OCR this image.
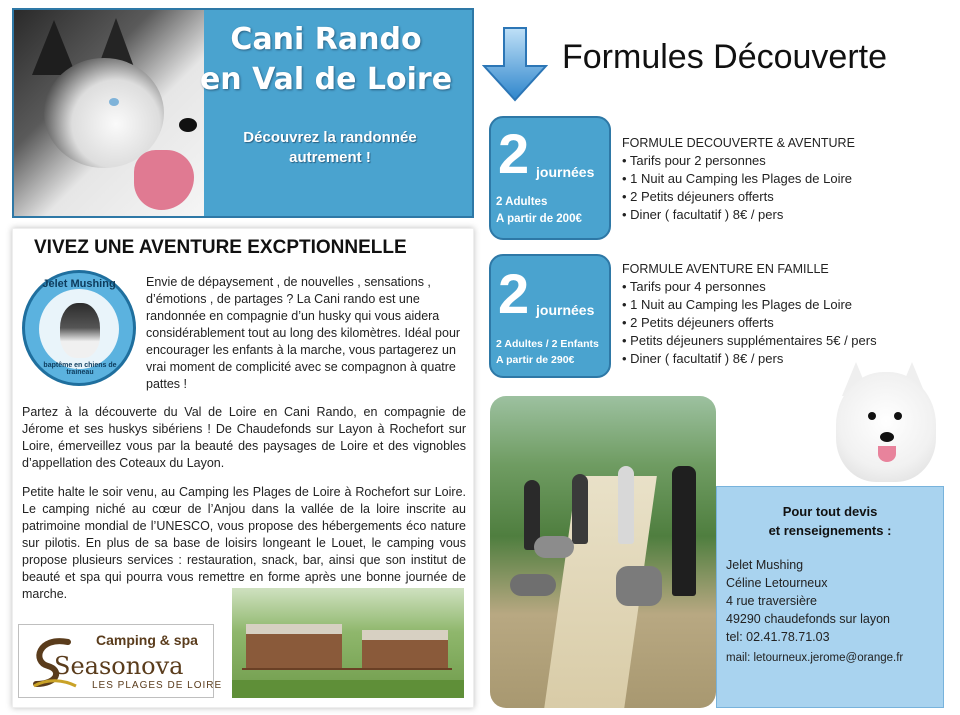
Cani Rando
en Val de Loire
Découvrez la randonnée
autrement !
VIVEZ UNE AVENTURE EXCPTIONNELLE
Jelet Mushing
baptême en chiens de traineau
Envie de dépaysement , de nouvelles , sensations , d’émotions , de partages ? La Cani rando est une randonnée en compagnie d’un husky qui vous aidera considérablement tout au long des kilomètres. Idéal pour encourager les enfants à la marche, vous partagerez un vrai moment de complicité avec se compagnon à quatre pattes !
Partez à la découverte du Val de Loire en Cani Rando, en compagnie de Jérome et ses huskys sibériens ! De Chaudefonds sur Layon à Rochefort sur Loire, émerveillez vous par la beauté des paysages de Loire et des vignobles d’appellation des Coteaux du Layon.
Petite halte le soir venu, au Camping les Plages de Loire à Rochefort sur Loire. Le camping niché au cœur de l’Anjou dans la vallée de la loire inscrite au patrimoine mondial de l’UNESCO, vous propose des hébergements éco nature sur pilotis. En plus de sa base de loisirs longeant le Louet, le camping vous propose plusieurs services : restauration, snack, bar, ainsi que son institut de beauté et spa qui pourra vous remettre en forme après une bonne journée de marche.
Camping & spa
Seasonova
LES PLAGES DE LOIRE
Formules Découverte
2 journées
2 Adultes
A partir de 200€
FORMULE DECOUVERTE & AVENTURE
• Tarifs pour 2 personnes
• 1 Nuit au Camping les Plages de Loire
• 2 Petits déjeuners offerts
• Diner ( facultatif ) 8€ / pers
2 journées
2 Adultes / 2 Enfants
A partir de 290€
FORMULE AVENTURE EN FAMILLE
• Tarifs pour 4 personnes
• 1 Nuit au Camping les Plages de Loire
• 2 Petits déjeuners offerts
• Petits déjeuners supplémentaires 5€ / pers
• Diner ( facultatif ) 8€ / pers
Pour tout devis
et renseignements :
Jelet Mushing
Céline Letourneux
4 rue traversière
49290 chaudefonds sur layon
tel: 02.41.78.71.03
mail: letourneux.jerome@orange.fr
